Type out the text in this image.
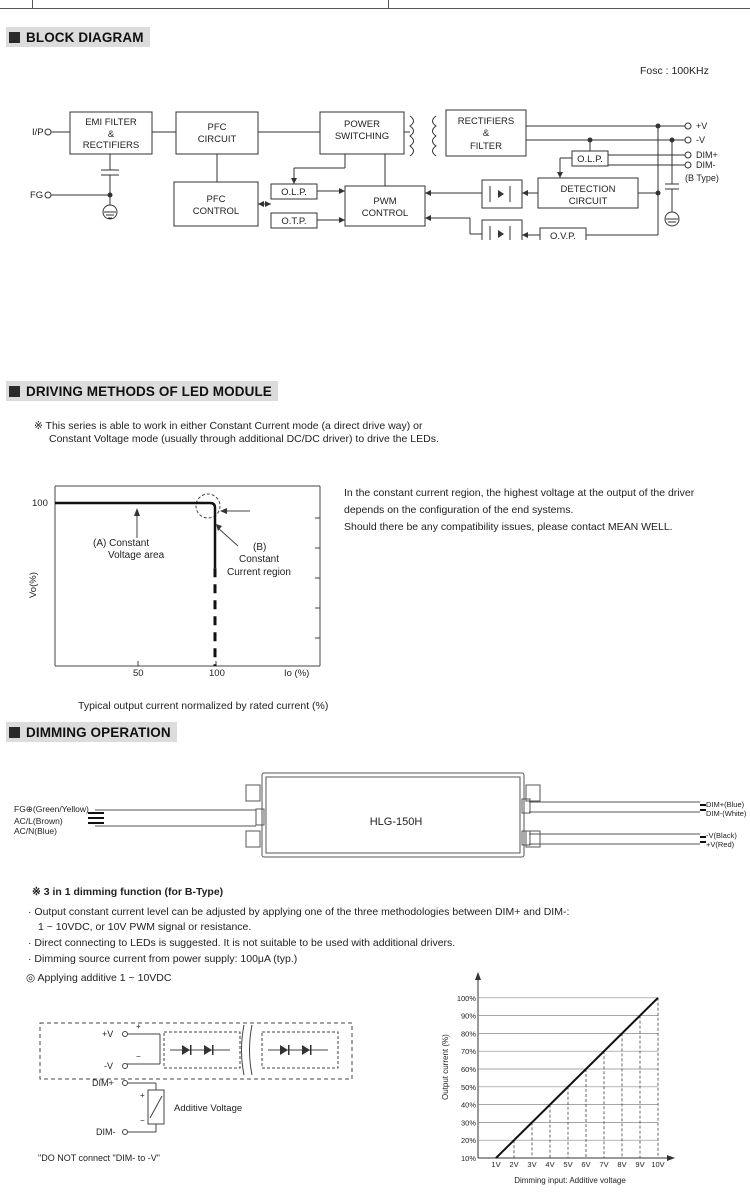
BLOCK DIAGRAM
Fosc : 100KHz
I/P
FG
EMI FILTER
&
RECTIFIERS
PFC
CIRCUIT
PFC
CONTROL
POWER
SWITCHING
RECTIFIERS
&
FILTER
O.L.P.
O.T.P.
PWM
CONTROL
O.L.P.
DETECTION
CIRCUIT
O.V.P.
+V
-V
DIM+
DIM-
(B Type)
DRIVING METHODS OF LED MODULE
※ This series is able to work in either Constant Current mode (a direct drive way) or
Constant Voltage mode (usually through additional DC/DC driver) to drive the LEDs.
100
50	100	Io (%)
Vo(%)
(A) Constant
Voltage area
(B)
Constant
Current region
In the constant current region, the highest voltage at the output of the driver
depends on the configuration of the end systems.
Should there be any compatibility issues, please contact MEAN WELL.
Typical output current normalized by rated current (%)
DIMMING OPERATION
FG⊕(Green/Yellow)
AC/L(Brown)
AC/N(Blue)
HLG-150H
DIM+(Blue)
DIM-(White)
-V(Black)
+V(Red)
※ 3 in 1 dimming function (for B-Type)
· Output constant current level can be adjusted by applying one of the three methodologies between DIM+ and DIM-:
1 ~ 10VDC, or 10V PWM signal or resistance.
· Direct connecting to LEDs is suggested. It is not suitable to be used with additional drivers.
· Dimming source current from power supply: 100μA (typ.)
◎ Applying additive 1 ~ 10VDC
+V
+
-V
−
DIM+
+
−
Additive Voltage
DIM-
"DO NOT connect "DIM- to -V"	10%
20%
30%
40%
50%
60%
70%
80%
90%
100%
1V 2V 3V 4V 5V 6V 7V 8V 9V 10V
Output current (%)
Dimming input: Additive voltage
